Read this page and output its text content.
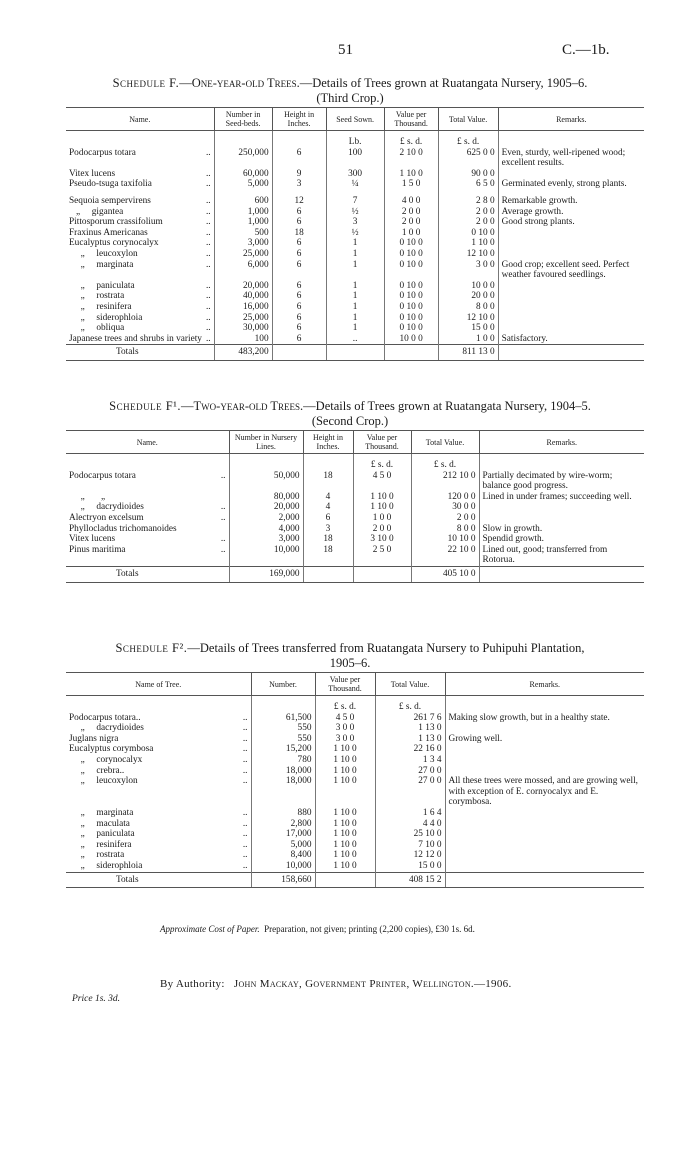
51	C.—1b.
Schedule F.—One-year-old Trees.—Details of Trees grown at Ruatangata Nursery, 1905–6.
(Third Crop.)
Name.	Number in Seed-beds.	Height in Inches.	Seed Sown.	Value per Thousand.	Total Value.	Remarks.
			Lb.	£ s. d.	£ s. d.	

Podocarpus totara ..	250,000	6	100	2 10 0	625 0 0	Even, sturdy, well-ripened wood; excellent results.

Vitex lucens ..	60,000	9	300	1 10 0	90 0 0	

Pseudo-tsuga taxifolia ..	5,000	3	¼	1 5 0	6 5 0	Germinated evenly, strong plants.

Sequoia sempervirens ..	600	12	7	4 0 0	2 8 0	Remarkable growth.

„     gigantea ..	1,000	6	½	2 0 0	2 0 0	Average growth.

Pittosporum crassifolium ..	1,000	6	3	2 0 0	2 0 0	Good strong plants.

Fraxinus Americanas ..	500	18	½	1 0 0	0 10 0	

Eucalyptus corynocalyx ..	3,000	6	1	0 10 0	1 10 0	

„     leucoxylon ..	25,000	6	1	0 10 0	12 10 0	

„     marginata ..	6,000	6	1	0 10 0	3 0 0	Good crop; excellent seed. Perfect weather favoured seedlings.

„     paniculata ..	20,000	6	1	0 10 0	10 0 0	

„     rostrata ..	40,000	6	1	0 10 0	20 0 0	

„     resinifera ..	16,000	6	1	0 10 0	8 0 0	

„     siderophloia ..	25,000	6	1	0 10 0	12 10 0	

„     obliqua ..	30,000	6	1	0 10 0	15 0 0	

Japanese trees and shrubs in variety ..	100	6	..	10 0 0	1 0 0	Satisfactory.
Totals	483,200				811 13 0	
Schedule F¹.—Two-year-old Trees.—Details of Trees grown at Ruatangata Nursery, 1904–5.
(Second Crop.)
Name.	Number in Nursery Lines.	Height in Inches.	Value per Thousand.	Total Value.	Remarks.
			£ s. d.	£ s. d.	

Podocarpus totara ..	50,000	18	4 5 0	212 10 0	Partially decimated by wire-worm; balance good progress.

„       „	80,000	4	1 10 0	120 0 0	Lined in under frames; succeeding well.

„     dacrydioides ..	20,000	4	1 10 0	30 0 0	

Alectryon excelsum ..	2,000	6	1 0 0	2 0 0	

Phyllocladus trichomanoides	4,000	3	2 0 0	8 0 0	Slow in growth.

Vitex lucens ..	3,000	18	3 10 0	10 10 0	Spendid growth.

Pinus maritima ..	10,000	18	2 5 0	22 10 0	Lined out, good; transferred from Rotorua.
Totals	169,000			405 10 0	
Schedule F².—Details of Trees transferred from Ruatangata Nursery to Puhipuhi Plantation,
1905–6.
Name of Tree.	Number.	Value per Thousand.	Total Value.	Remarks.
		£ s. d.	£ s. d.	

Podocarpus totara.. ..	61,500	4 5 0	261 7 6	Making slow growth, but in a healthy state.

„     dacrydioides ..	550	3 0 0	1 13 0	

Juglans nigra ..	550	3 0 0	1 13 0	Growing well.

Eucalyptus corymbosa ..	15,200	1 10 0	22 16 0	

„     corynocalyx ..	780	1 10 0	1 3 4	

„     crebra.. ..	18,000	1 10 0	27 0 0	

„     leucoxylon ..	18,000	1 10 0	27 0 0	All these trees were mossed, and are growing well, with exception of E. cornyocalyx and E. corymbosa.

„     marginata ..	880	1 10 0	1 6 4	

„     maculata ..	2,800	1 10 0	4 4 0	

„     paniculata ..	17,000	1 10 0	25 10 0	

„     resinifera ..	5,000	1 10 0	7 10 0	

„     rostrata ..	8,400	1 10 0	12 12 0	

„     siderophloia ..	10,000	1 10 0	15 0 0	
Totals	158,660		408 15 2	
Approximate Cost of Paper. Preparation, not given; printing (2,200 copies), £30 1s. 6d.
By Authority: John Mackay, Government Printer, Wellington.—1906.
Price 1s. 3d.
